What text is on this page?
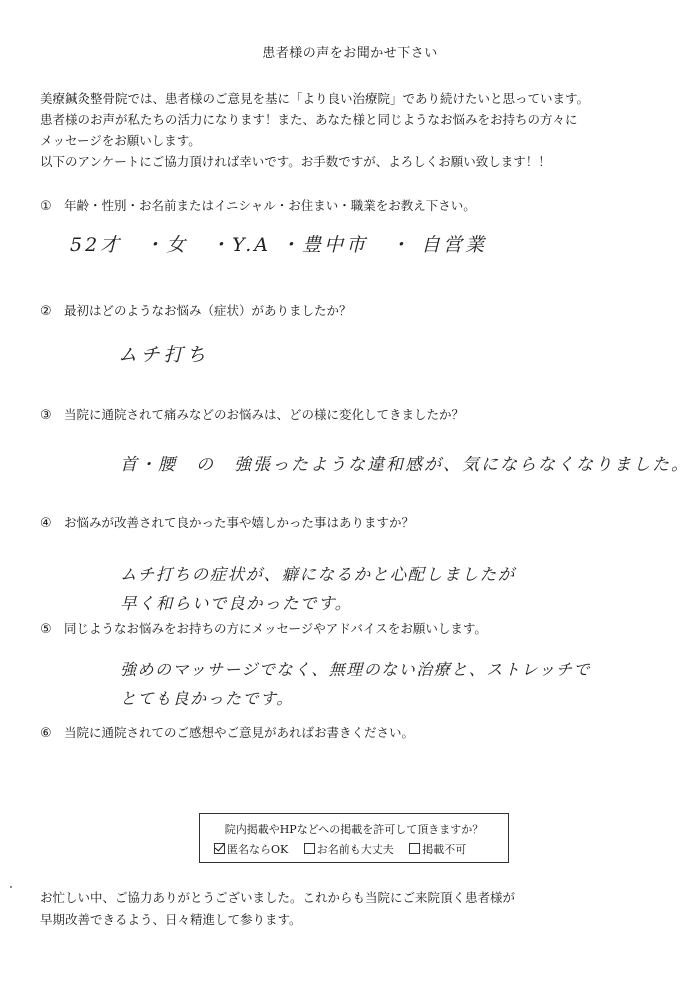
患者様の声をお聞かせ下さい
美療鍼灸整骨院では、患者様のご意見を基に「より良い治療院」であり続けたいと思っています。
患者様のお声が私たちの活力になります！また、あなた様と同じようなお悩みをお持ちの方々に
メッセージをお願いします。
以下のアンケートにご協力頂ければ幸いです。お手数ですが、よろしくお願い致します！！
① 年齢・性別・お名前またはイニシャル・お住まい・職業をお教え下さい。
52才　・女　・Y.A ・豊中市　・ 自営業
② 最初はどのようなお悩み（症状）がありましたか？
ムチ打ち
③ 当院に通院されて痛みなどのお悩みは、どの様に変化してきましたか？
首・腰　の　強張ったような違和感が、気にならなくなりました。
④ お悩みが改善されて良かった事や嬉しかった事はありますか？
ムチ打ちの症状が、癖になるかと心配しましたが
早く和らいで良かったです。
⑤ 同じようなお悩みをお持ちの方にメッセージやアドバイスをお願いします。
強めのマッサージでなく、無理のない治療と、ストレッチで
とても良かったです。
⑥ 当院に通院されてのご感想やご意見があればお書きください。
院内掲載やHPなどへの掲載を許可して頂きますか？
匿名ならOK	お名前も大丈夫	掲載不可
お忙しい中、ご協力ありがとうございました。これからも当院にご来院頂く患者様が
早期改善できるよう、日々精進して参ります。
